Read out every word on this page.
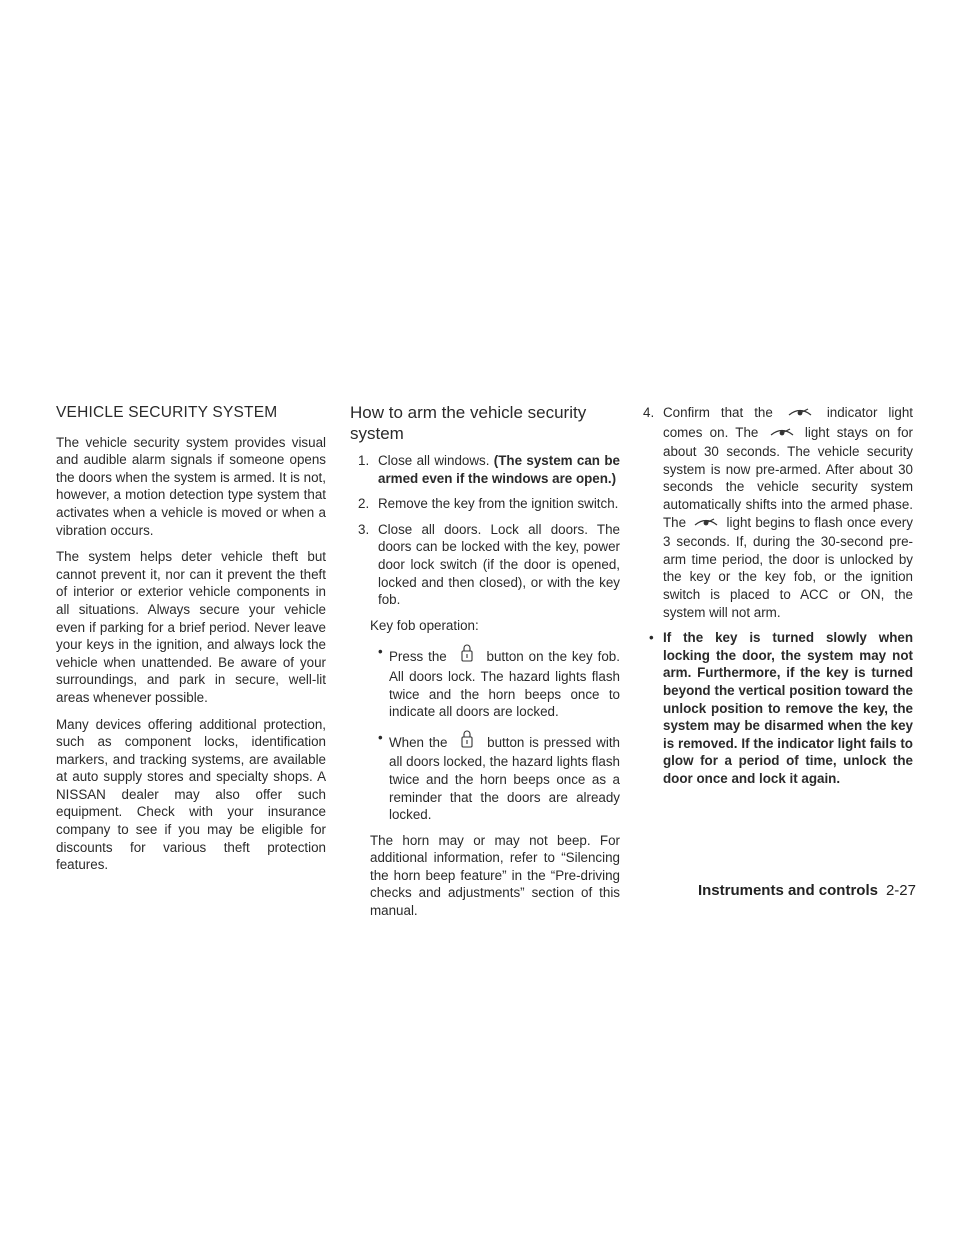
VEHICLE SECURITY SYSTEM

The vehicle security system provides visual and audible alarm signals if someone opens the doors when the system is armed. It is not, however, a motion detection type system that activates when a vehicle is moved or when a vibration occurs.

The system helps deter vehicle theft but cannot prevent it, nor can it prevent the theft of interior or exterior vehicle components in all situations. Always secure your vehicle even if parking for a brief period. Never leave your keys in the ignition, and always lock the vehicle when unattended. Be aware of your surroundings, and park in secure, well-lit areas whenever possible.

Many devices offering additional protection, such as component locks, identification markers, and tracking systems, are available at auto supply stores and specialty shops. A NISSAN dealer may also offer such equipment. Check with your insurance company to see if you may be eligible for discounts for various theft protection features.

How to arm the vehicle security system
1. Close all windows. (The system can be armed even if the windows are open.)
2. Remove the key from the ignition switch.
3. Close all doors. Lock all doors. The doors can be locked with the key, power door lock switch (if the door is opened, locked and then closed), or with the key fob.
Key fob operation:
• Press the	button on the key fob. All doors lock. The hazard lights flash twice and the horn beeps once to indicate all doors are locked.
• When the	button is pressed with all doors locked, the hazard lights flash twice and the horn beeps once as a reminder that the doors are already locked.

The horn may or may not beep. For additional information, refer to “Silencing the horn beep feature” in the “Pre-driving checks and adjustments” section of this manual.

4. Confirm that the	indicator light comes on. The	light stays on for about 30 seconds. The vehicle security system is now pre-armed. After about 30 seconds the vehicle security system automatically shifts into the armed phase. The	light begins to flash once every 3 seconds. If, during the 30-second pre-arm time period, the door is unlocked by the key or the key fob, or the ignition switch is placed to ACC or ON, the system will not arm.
• If the key is turned slowly when locking the door, the system may not arm. Furthermore, if the key is turned beyond the vertical position toward the unlock position to remove the key, the system may be disarmed when the key is removed. If the indicator light fails to glow for a period of time, unlock the door once and lock it again.
Instruments and controls 2-27
